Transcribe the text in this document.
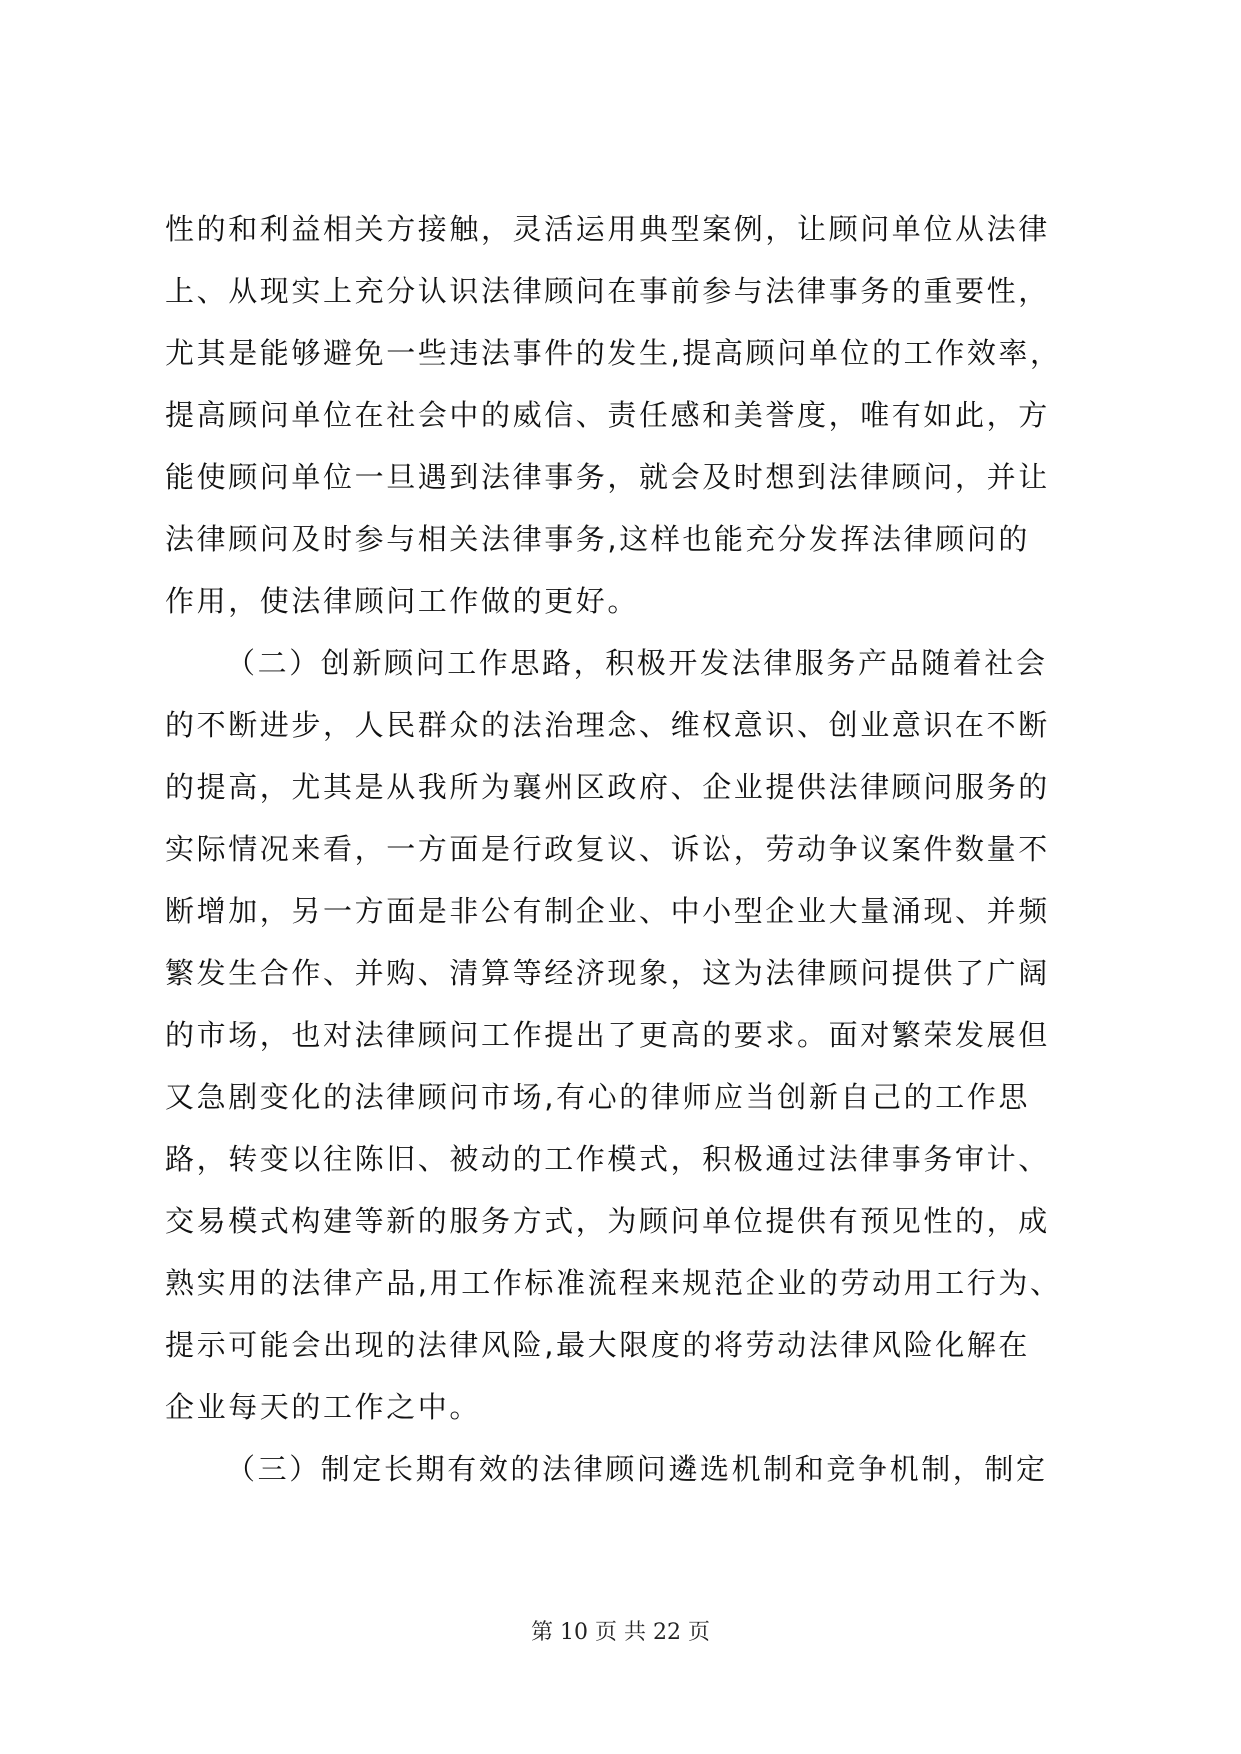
性的和利益相关方接触，灵活运用典型案例，让顾问单位从法律
上、从现实上充分认识法律顾问在事前参与法律事务的重要性，
尤其是能够避免一些违法事件的发生,提高顾问单位的工作效率，
提高顾问单位在社会中的威信、责任感和美誉度，唯有如此，方
能使顾问单位一旦遇到法律事务，就会及时想到法律顾问，并让
法律顾问及时参与相关法律事务,这样也能充分发挥法律顾问的
作用，使法律顾问工作做的更好。
（二）创新顾问工作思路，积极开发法律服务产品随着社会
的不断进步，人民群众的法治理念、维权意识、创业意识在不断
的提高，尤其是从我所为襄州区政府、企业提供法律顾问服务的
实际情况来看，一方面是行政复议、诉讼，劳动争议案件数量不
断增加，另一方面是非公有制企业、中小型企业大量涌现、并频
繁发生合作、并购、清算等经济现象，这为法律顾问提供了广阔
的市场，也对法律顾问工作提出了更高的要求。面对繁荣发展但
又急剧变化的法律顾问市场,有心的律师应当创新自己的工作思
路，转变以往陈旧、被动的工作模式，积极通过法律事务审计、
交易模式构建等新的服务方式，为顾问单位提供有预见性的，成
熟实用的法律产品,用工作标准流程来规范企业的劳动用工行为、
提示可能会出现的法律风险,最大限度的将劳动法律风险化解在
企业每天的工作之中。
（三）制定长期有效的法律顾问遴选机制和竞争机制，制定
第 10 页 共 22 页
